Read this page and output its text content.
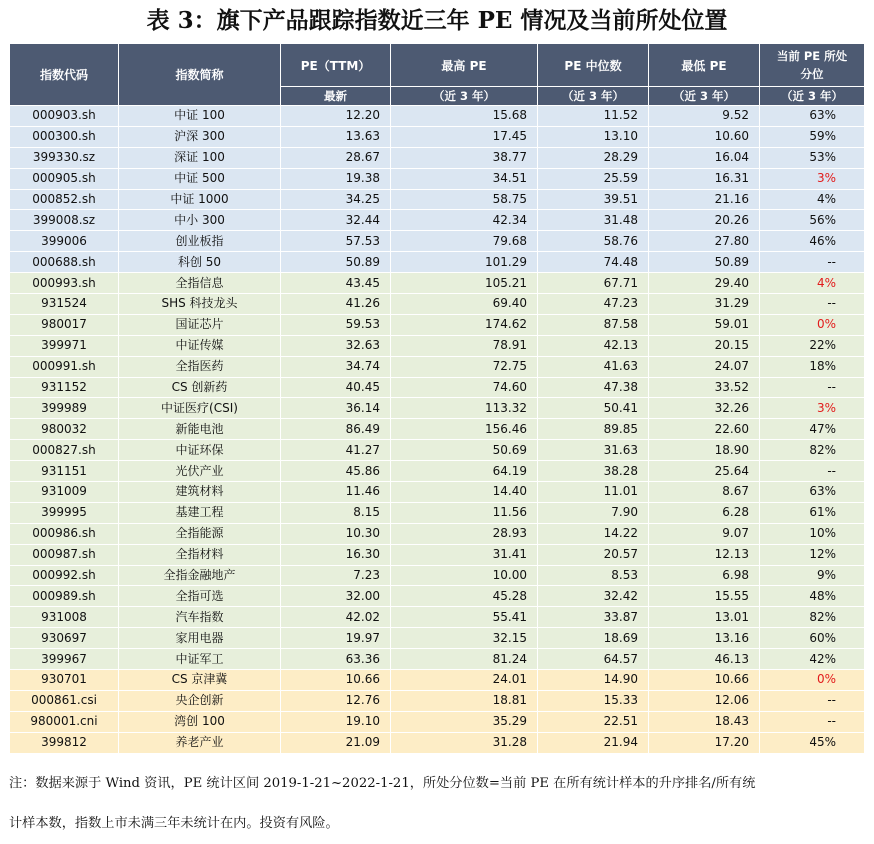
表 3：旗下产品跟踪指数近三年 PE 情况及当前所处位置
指数代码	指数简称	PE（TTM）	最高 PE	PE 中位数	最低 PE	当前 PE 所处
分位

		最新	（近 3 年）	（近 3 年）	（近 3 年）	（近 3 年）
000903.sh	中证 100	12.20	15.68	11.52	9.52	63%
000300.sh	沪深 300	13.63	17.45	13.10	10.60	59%
399330.sz	深证 100	28.67	38.77	28.29	16.04	53%
000905.sh	中证 500	19.38	34.51	25.59	16.31	3%
000852.sh	中证 1000	34.25	58.75	39.51	21.16	4%
399008.sz	中小 300	32.44	42.34	31.48	20.26	56%
399006	创业板指	57.53	79.68	58.76	27.80	46%
000688.sh	科创 50	50.89	101.29	74.48	50.89	--
000993.sh	全指信息	43.45	105.21	67.71	29.40	4%
931524	SHS 科技龙头	41.26	69.40	47.23	31.29	--
980017	国证芯片	59.53	174.62	87.58	59.01	0%
399971	中证传媒	32.63	78.91	42.13	20.15	22%
000991.sh	全指医药	34.74	72.75	41.63	24.07	18%
931152	CS 创新药	40.45	74.60	47.38	33.52	--
399989	中证医疗(CSI)	36.14	113.32	50.41	32.26	3%
980032	新能电池	86.49	156.46	89.85	22.60	47%
000827.sh	中证环保	41.27	50.69	31.63	18.90	82%
931151	光伏产业	45.86	64.19	38.28	25.64	--
931009	建筑材料	11.46	14.40	11.01	8.67	63%
399995	基建工程	8.15	11.56	7.90	6.28	61%
000986.sh	全指能源	10.30	28.93	14.22	9.07	10%
000987.sh	全指材料	16.30	31.41	20.57	12.13	12%
000992.sh	全指金融地产	7.23	10.00	8.53	6.98	9%
000989.sh	全指可选	32.00	45.28	32.42	15.55	48%
931008	汽车指数	42.02	55.41	33.87	13.01	82%
930697	家用电器	19.97	32.15	18.69	13.16	60%
399967	中证军工	63.36	81.24	64.57	46.13	42%
930701	CS 京津冀	10.66	24.01	14.90	10.66	0%
000861.csi	央企创新	12.76	18.81	15.33	12.06	--
980001.cni	湾创 100	19.10	35.29	22.51	18.43	--
399812	养老产业	21.09	31.28	21.94	17.20	45%
注：数据来源于 Wind 资讯，PE 统计区间 2019-1-21~2022-1-21，所处分位数=当前 PE 在所有统计样本的升序排名/所有统
计样本数，指数上市未满三年未统计在内。投资有风险。
